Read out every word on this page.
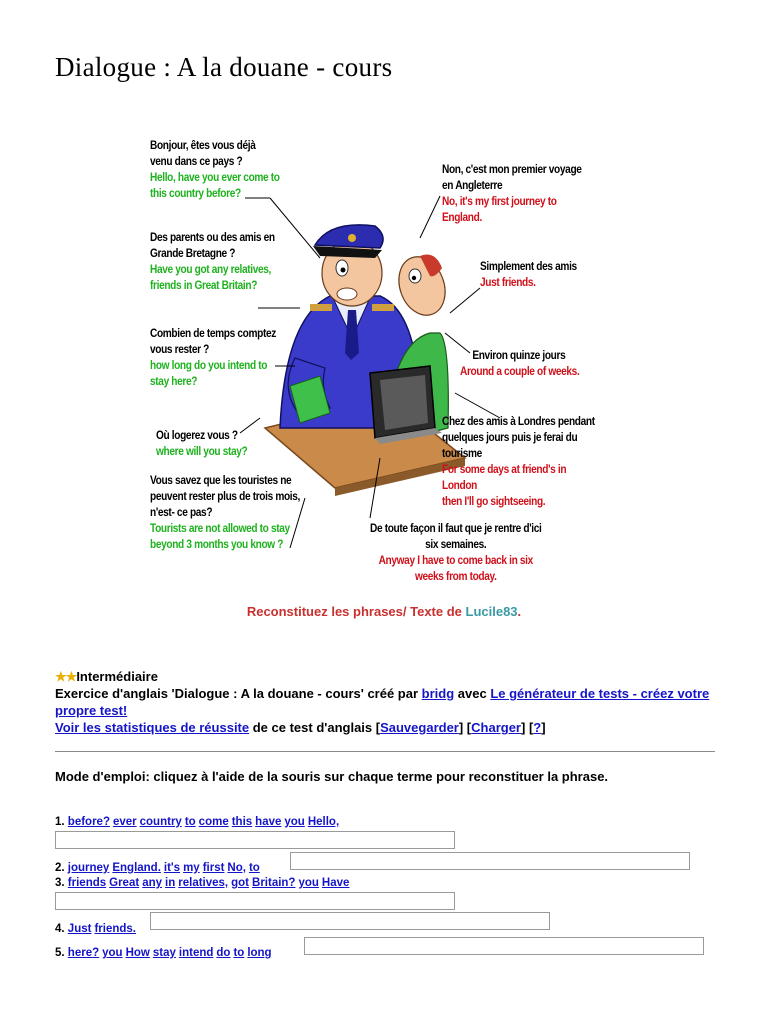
Dialogue : A la douane - cours
Bonjour, êtes vous déjà
venu dans ce pays ?
Hello, have you ever come to
this country before?
Des parents ou des amis en
Grande Bretagne ?
Have you got any relatives,
friends in Great Britain?
Combien de temps comptez
vous rester ?
how long do you intend to
stay here?
Où logerez vous ?
where will you stay?
Vous savez que les touristes ne
peuvent rester plus de trois mois,
n'est- ce pas?
Tourists are not allowed to stay
beyond 3 months you know ?
Non, c'est mon premier voyage
en Angleterre
No, it's my first journey to
England.
Simplement des amis
Just friends.
Environ quinze jours
Around a couple of weeks.
Chez des amis à Londres pendant
quelques jours puis je ferai du tourisme
For some days at friend's in London
then I'll go sightseeing.
De toute façon il faut que je rentre d'ici
six semaines.
Anyway I have to come back in six
weeks from today.
Reconstituez les phrases/ Texte de Lucile83.
★★Intermédiaire
Exercice d'anglais 'Dialogue : A la douane - cours' créé par bridg avec Le générateur de tests - créez votre propre test!
Voir les statistiques de réussite de ce test d'anglais [Sauvegarder] [Charger] [?]
Mode d'emploi: cliquez à l'aide de la souris sur chaque terme pour reconstituer la phrase.
1. before? ever country to come this have you Hello,
2. journey England. it's my first No, to
3. friends Great any in relatives, got Britain? you Have
4. Just friends.
5. here? you How stay intend do to long
